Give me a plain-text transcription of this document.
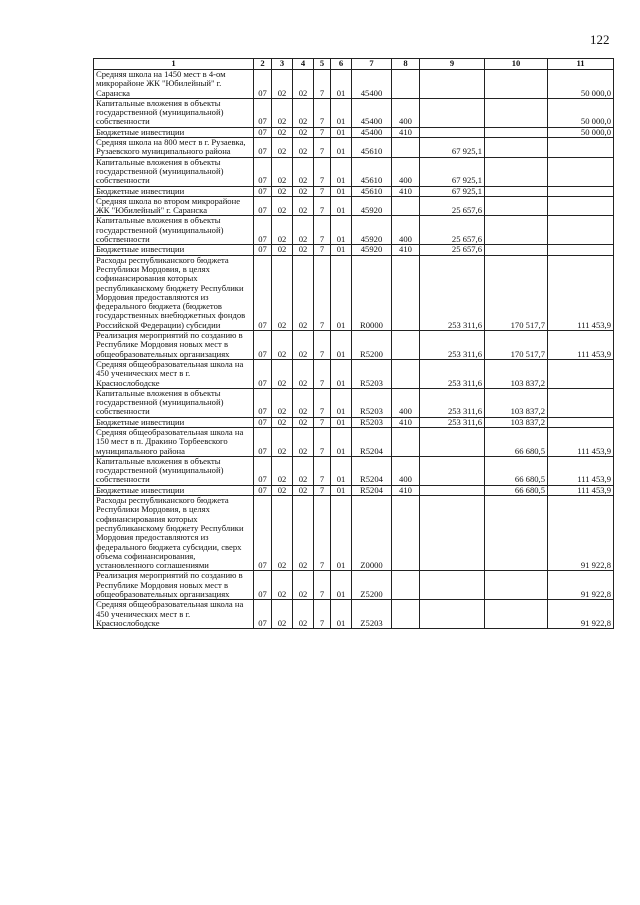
122
1	2	3	4	5	6	7	8	9	10	11
Средняя школа на 1450 мест в 4-ом микрорайоне ЖК "Юбилейный" г. Саранска	07	02	02	7	01	45400				50 000,0
Капитальные вложения в объекты государственной (муниципальной) собственности	07	02	02	7	01	45400	400			50 000,0
Бюджетные инвестиции	07	02	02	7	01	45400	410			50 000,0
Средняя школа на 800 мест в г. Рузаевка, Рузаевского муниципального района	07	02	02	7	01	45610		67 925,1		
Капитальные вложения в объекты государственной (муниципальной) собственности	07	02	02	7	01	45610	400	67 925,1		
Бюджетные инвестиции	07	02	02	7	01	45610	410	67 925,1		
Средняя школа во втором микрорайоне ЖК "Юбилейный" г. Саранска	07	02	02	7	01	45920		25 657,6		
Капитальные вложения в объекты государственной (муниципальной) собственности	07	02	02	7	01	45920	400	25 657,6		
Бюджетные инвестиции	07	02	02	7	01	45920	410	25 657,6		
Расходы республиканского бюджета Республики Мордовия, в целях софинансирования которых республиканскому бюджету Республики Мордовия предоставляются из федерального бюджета (бюджетов государственных внебюджетных фондов Российской Федерации) субсидии	07	02	02	7	01	R0000		253 311,6	170 517,7	111 453,9
Реализация мероприятий по созданию в Республике Мордовия новых мест в общеобразовательных организациях	07	02	02	7	01	R5200		253 311,6	170 517,7	111 453,9
Средняя общеобразовательная школа на 450 ученических мест в г. Краснослободске	07	02	02	7	01	R5203		253 311,6	103 837,2	
Капитальные вложения в объекты государственной (муниципальной) собственности	07	02	02	7	01	R5203	400	253 311,6	103 837,2	
Бюджетные инвестиции	07	02	02	7	01	R5203	410	253 311,6	103 837,2	
Средняя общеобразовательная школа на 150 мест в п. Дракино Торбеевского муниципального района	07	02	02	7	01	R5204			66 680,5	111 453,9
Капитальные вложения в объекты государственной (муниципальной) собственности	07	02	02	7	01	R5204	400		66 680,5	111 453,9
Бюджетные инвестиции	07	02	02	7	01	R5204	410		66 680,5	111 453,9
Расходы республиканского бюджета Республики Мордовия, в целях софинансирования которых республиканскому бюджету Республики Мордовия предоставляются из федерального бюджета субсидии, сверх объема софинансирования, установленного соглашениями	07	02	02	7	01	Z0000				91 922,8
Реализация мероприятий по созданию в Республике Мордовия новых мест в общеобразовательных организациях	07	02	02	7	01	Z5200				91 922,8
Средняя общеобразовательная школа на 450 ученических мест в г. Краснослободске	07	02	02	7	01	Z5203				91 922,8
